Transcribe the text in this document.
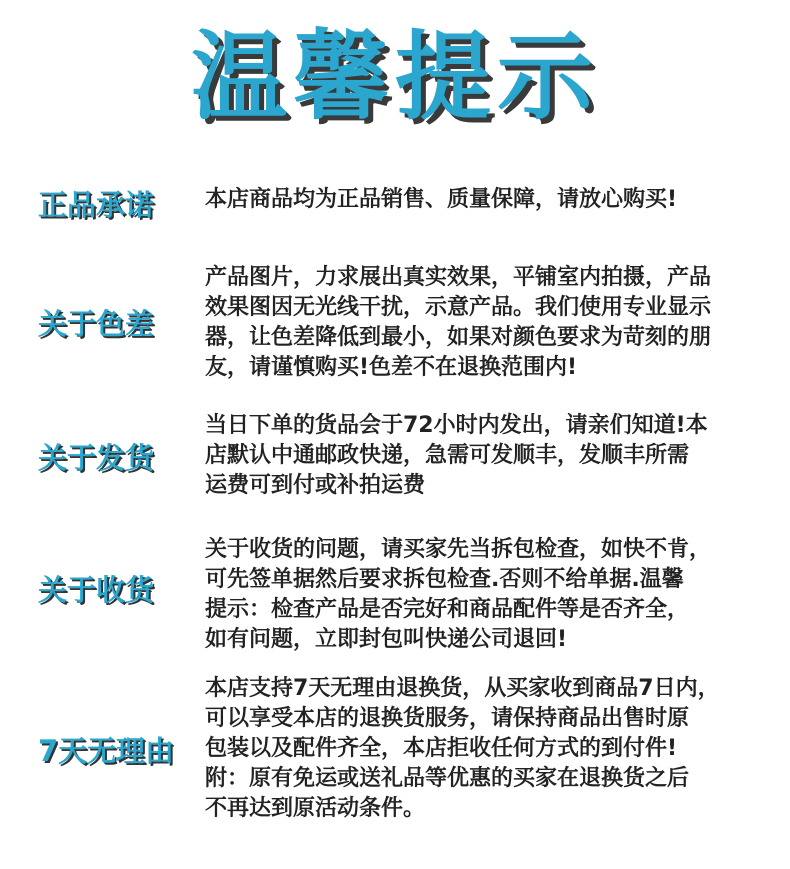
温馨提示
正品承诺	本店商品均为正品销售、质量保障，请放心购买!
关于色差
产品图片，力求展出真实效果，平铺室内拍摄，产品
效果图因无光线干扰，示意产品。我们使用专业显示
器，让色差降低到最小，如果对颜色要求为苛刻的朋
友，请谨慎购买!色差不在退换范围内!
关于发货
当日下单的货品会于72小时内发出，请亲们知道!本
店默认中通邮政快递，急需可发顺丰，发顺丰所需
运费可到付或补拍运费
关于收货
关于收货的问题，请买家先当拆包检查，如快不肯，
可先签单据然后要求拆包检查.否则不给单据.温馨
提示：检查产品是否完好和商品配件等是否齐全，
如有问题，立即封包叫快递公司退回!
7天无理由
本店支持7天无理由退换货，从买家收到商品7日内，
可以享受本店的退换货服务，请保持商品出售时原
包装以及配件齐全，本店拒收任何方式的到付件!
附：原有免运或送礼品等优惠的买家在退换货之后
不再达到原活动条件。
